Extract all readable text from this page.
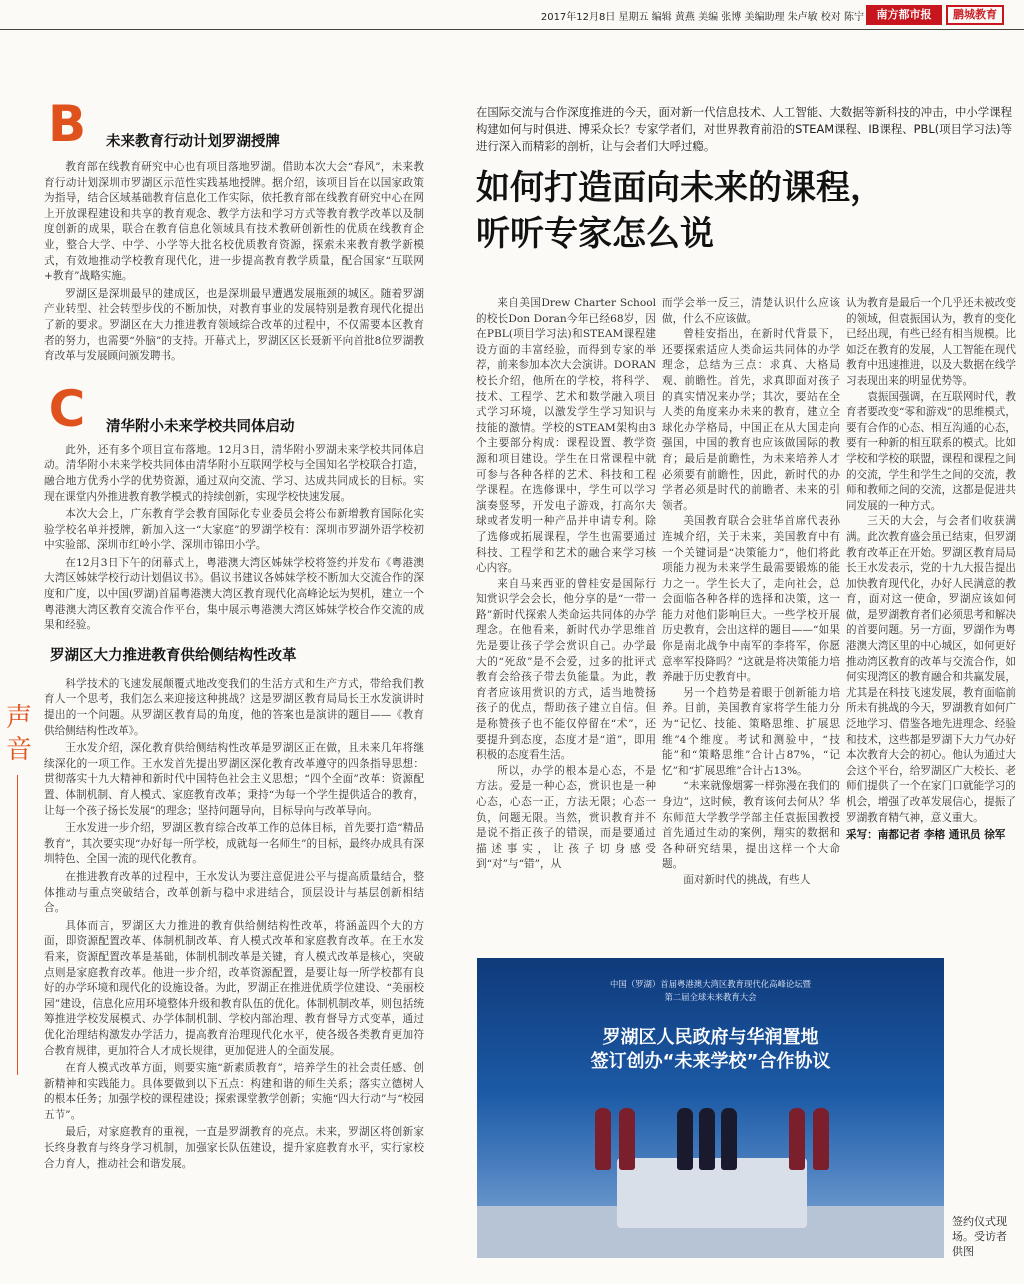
2017年12月8日 星期五 编辑 黄燕 美编 张博 美编助理 朱卢敏 校对 陈宁	南方都市报	鹏城教育
B 未来教育行动计划罗湖授牌

教育部在线教育研究中心也有项目落地罗湖。借助本次大会“春风”，未来教育行动计划深圳市罗湖区示范性实践基地授牌。据介绍，该项目旨在以国家政策为指导，结合区域基础教育信息化工作实际，依托教育部在线教育研究中心在网上开放课程建设和共享的教育观念、教学方法和学习方式等教育教学改革以及制度创新的成果，联合在教育信息化领域具有技术教研创新性的优质在线教育企业，整合大学、中学、小学等大批名校优质教育资源，探索未来教育教学新模式，有效地推动学校教育现代化，进一步提高教育教学质量，配合国家“互联网+教育”战略实施。

罗湖区是深圳最早的建成区，也是深圳最早遭遇发展瓶颈的城区。随着罗湖产业转型、社会转型步伐的不断加快，对教育事业的发展特别是教育现代化提出了新的要求。罗湖区在大力推进教育领域综合改革的过程中，不仅需要本区教育者的努力，也需要“外脑”的支持。开幕式上，罗湖区区长聂新平向首批8位罗湖教育改革与发展顾问颁发聘书。

C 清华附小未来学校共同体启动

此外，还有多个项目宣布落地。12月3日，清华附小罗湖未来学校共同体启动。清华附小未来学校共同体由清华附小互联网学校与全国知名学校联合打造，融合地方优秀小学的优势资源，通过双向交流、学习、达成共同成长的目标。实现在课堂内外推进教育教学模式的持续创新，实现学校快速发展。

本次大会上，广东教育学会教育国际化专业委员会将公布新增教育国际化实验学校名单并授牌，新加入这一“大家庭”的罗湖学校有：深圳市罗湖外语学校初中实验部、深圳市红岭小学、深圳市锦田小学。

在12月3日下午的闭幕式上，粤港澳大湾区姊妹学校将签约并发布《粤港澳大湾区姊妹学校行动计划倡议书》。倡议书建议各姊妹学校不断加大交流合作的深度和广度，以中国(罗湖)首届粤港澳大湾区教育现代化高峰论坛为契机，建立一个粤港澳大湾区教育交流合作平台，集中展示粤港澳大湾区姊妹学校合作交流的成果和经验。

罗湖区大力推进教育供给侧结构性改革

科学技术的飞速发展颠覆式地改变我们的生活方式和生产方式，带给我们教育人一个思考，我们怎么来迎接这种挑战？这是罗湖区教育局局长王水发演讲时提出的一个问题。从罗湖区教育局的角度，他的答案也是演讲的题目——《教育供给侧结构性改革》。

王水发介绍，深化教育供给侧结构性改革是罗湖区正在做，且未来几年将继续深化的一项工作。王水发首先提出罗湖区深化教育改革遵守的四条指导思想：贯彻落实十九大精神和新时代中国特色社会主义思想；“四个全面”改革：资源配置、体制机制、育人模式、家庭教育改革；秉持“为每一个学生提供适合的教育，让每一个孩子扬长发展”的理念；坚持问题导向，目标导向与改革导向。

王水发进一步介绍，罗湖区教育综合改革工作的总体目标，首先要打造“精品教育”，其次要实现“办好每一所学校，成就每一名师生”的目标，最终办成具有深圳特色、全国一流的现代化教育。

在推进教育改革的过程中，王水发认为要注意促进公平与提高质量结合，整体推动与重点突破结合，改革创新与稳中求进结合，顶层设计与基层创新相结合。

具体而言，罗湖区大力推进的教育供给侧结构性改革，将涵盖四个大的方面，即资源配置改革、体制机制改革、育人模式改革和家庭教育改革。在王水发看来，资源配置改革是基础，体制机制改革是关键，育人模式改革是核心，突破点则是家庭教育改革。他进一步介绍，改革资源配置，是要让每一所学校都有良好的办学环境和现代化的设施设备。为此，罗湖正在推进优质学位建设、“美丽校园”建设，信息化应用环境整体升级和教育队伍的优化。体制机制改革，则包括统筹推进学校发展模式、办学体制机制、学校内部治理、教育督导方式变革，通过优化治理结构激发办学活力，提高教育治理现代化水平，使各级各类教育更加符合教育规律，更加符合人才成长规律，更加促进人的全面发展。

在育人模式改革方面，则要实施“新素质教育”，培养学生的社会责任感、创新精神和实践能力。具体要做到以下五点：构建和谐的师生关系；落实立德树人的根本任务；加强学校的课程建设；探索课堂教学创新；实施“四大行动”与“校园五节”。

最后，对家庭教育的重视，一直是罗湖教育的亮点。未来，罗湖区将创新家长终身教育与终身学习机制，加强家长队伍建设，提升家庭教育水平，实行家校合力育人，推动社会和谐发展。

声音
在国际交流与合作深度推进的今天，面对新一代信息技术、人工智能、大数据等新科技的冲击，中小学课程构建如何与时俱进、博采众长？专家学者们，对世界教育前沿的STEAM课程、IB课程、PBL(项目学习法)等进行深入而精彩的剖析，让与会者们大呼过瘾。
如何打造面向未来的课程，
听听专家怎么说

来自美国Drew Charter School的校长Don Doran今年已经68岁，因在PBL(项目学习法)和STEAM课程建设方面的丰富经验，而得到专家的举荐，前来参加本次大会演讲。DORAN校长介绍，他所在的学校，将科学、技术、工程学、艺术和数学融入项目式学习环境，以激发学生学习知识与技能的激情。学校的STEAM架构由3个主要部分构成：课程设置、教学资源和项目建设。学生在日常课程中就可参与各种各样的艺术、科技和工程学课程。在选修课中，学生可以学习演奏竖琴，开发电子游戏，打高尔夫球或者发明一种产品并申请专利。除了选修或拓展课程，学生也需要通过科技、工程学和艺术的融合来学习核心内容。

来自马来西亚的曾桂安是国际行知赏识学会会长，他分享的是“一带一路”新时代探索人类命运共同体的办学理念。在他看来，新时代办学思维首先是要让孩子学会赏识自己。办学最大的“死敌”是不会爱，过多的批评式教育会给孩子带去负能量。为此，教育者应该用赏识的方式，适当地赞扬孩子的优点，帮助孩子建立自信。但是称赞孩子也不能仅停留在“术”，还要提升到态度，态度才是“道”，即用积极的态度看生活。

所以，办学的根本是心态，不是方法。爱是一种心态，赏识也是一种心态，心态一正，方法无限；心态一负，问题无限。当然，赏识教育并不是说不指正孩子的错误，而是要通过描述事实，让孩子切身感受到“对”与“错”，从

而学会举一反三，清楚认识什么应该做，什么不应该做。

曾桂安指出，在新时代背景下，还要探索适应人类命运共同体的办学理念，总结为三点：求真、大格局观、前瞻性。首先，求真即面对孩子的真实情况来办学；其次，要站在全人类的角度来办未来的教育，建立全球化办学格局，中国正在从大国走向强国，中国的教育也应该做国际的教育；最后是前瞻性，为未来培养人才必须要有前瞻性，因此，新时代的办学者必须是时代的前瞻者、未来的引领者。

美国教育联合会驻华首席代表孙连城介绍，关于未来，美国教育中有一个关键词是“决策能力”，他们将此项能力视为未来学生最需要锻炼的能力之一。学生长大了，走向社会，总会面临各种各样的选择和决策，这一能力对他们影响巨大。一些学校开展历史教育，会出这样的题目——“如果你是南北战争中南军的李将军，你愿意率军投降吗？”这就是将决策能力培养融于历史教育中。

另一个趋势是着眼于创新能力培养。目前，美国教育家将学生能力分为“记忆、技能、策略思维、扩展思维”4个维度。考试和测验中，“技能”和“策略思维”合计占87%，“记忆”和“扩展思维”合计占13%。

“未来就像烟雾一样弥漫在我们的身边”，这时候，教育该何去何从？华东师范大学教学学部主任袁振国教授首先通过生动的案例，翔实的数据和各种研究结果，提出这样一个大命题。

面对新时代的挑战，有些人

认为教育是最后一个几乎还未被改变的领域，但袁振国认为，教育的变化已经出现，有些已经有相当规模。比如泛在教育的发展，人工智能在现代教育中迅速推进，以及大数据在线学习表现出来的明显优势等。

袁振国强调，在互联网时代，教育者要改变“零和游戏”的思维模式，要有合作的心态、相互沟通的心态，要有一种新的相互联系的模式。比如学校和学校的联盟，课程和课程之间的交流，学生和学生之间的交流，教师和教师之间的交流，这都是促进共同发展的一种方式。

三天的大会，与会者们收获满满。此次教育盛会虽已结束，但罗湖教育改革正在开始。罗湖区教育局局长王水发表示，党的十九大报告提出加快教育现代化，办好人民满意的教育，面对这一使命，罗湖应该如何做，是罗湖教育者们必须思考和解决的首要问题。另一方面，罗湖作为粤港澳大湾区里的中心城区，如何更好推动湾区教育的改革与交流合作，如何实现湾区的教育融合和共赢发展，尤其是在科技飞速发展，教育面临前所未有挑战的今天，罗湖教育如何广泛地学习、借鉴各地先进理念、经验和技术，这些都是罗湖下大力气办好本次教育大会的初心。他认为通过大会这个平台，给罗湖区广大校长、老师们提供了一个在家门口就能学习的机会，增强了改革发展信心，提振了罗湖教育精气神，意义重大。

采写：南都记者 李榕 通讯员 徐军
中国（罗湖）首届粤港澳大湾区教育现代化高峰论坛暨
第二届全球未来教育大会
罗湖区人民政府与华润置地
签订创办“未来学校”合作协议
签约仪式现场。受访者供图
